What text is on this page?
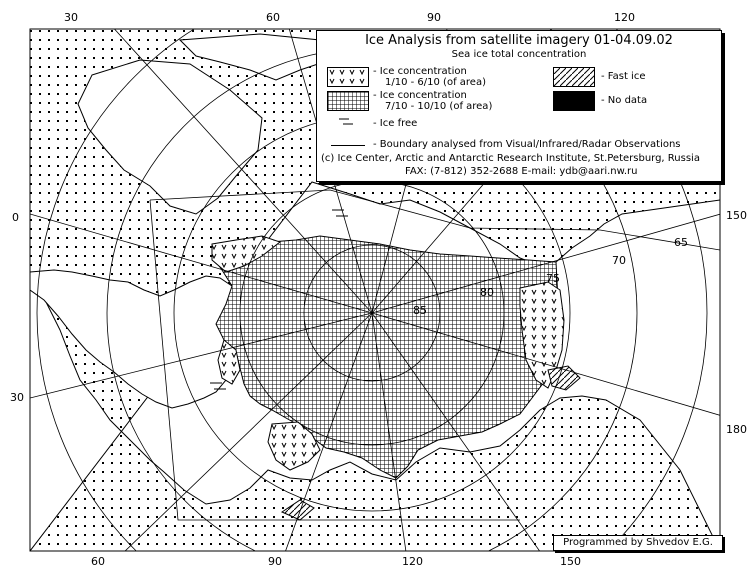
65
70
75
80
85
30	60	90	120
60	90	120	150
0
30
150
180
Ice Analysis from satellite imagery 01-04.09.02
Sea ice total concentration
- Ice concentration
1/10 - 6/10 (of area)
- Ice concentration
7/10 - 10/10 (of area)
- Ice free
- Fast ice
- No data
- Boundary analysed from Visual/Infrared/Radar Observations
(c) Ice Center, Arctic and Antarctic Research Institute, St.Petersburg, Russia
FAX: (7-812) 352-2688 E-mail: ydb@aari.nw.ru
Programmed by Shvedov E.G.
